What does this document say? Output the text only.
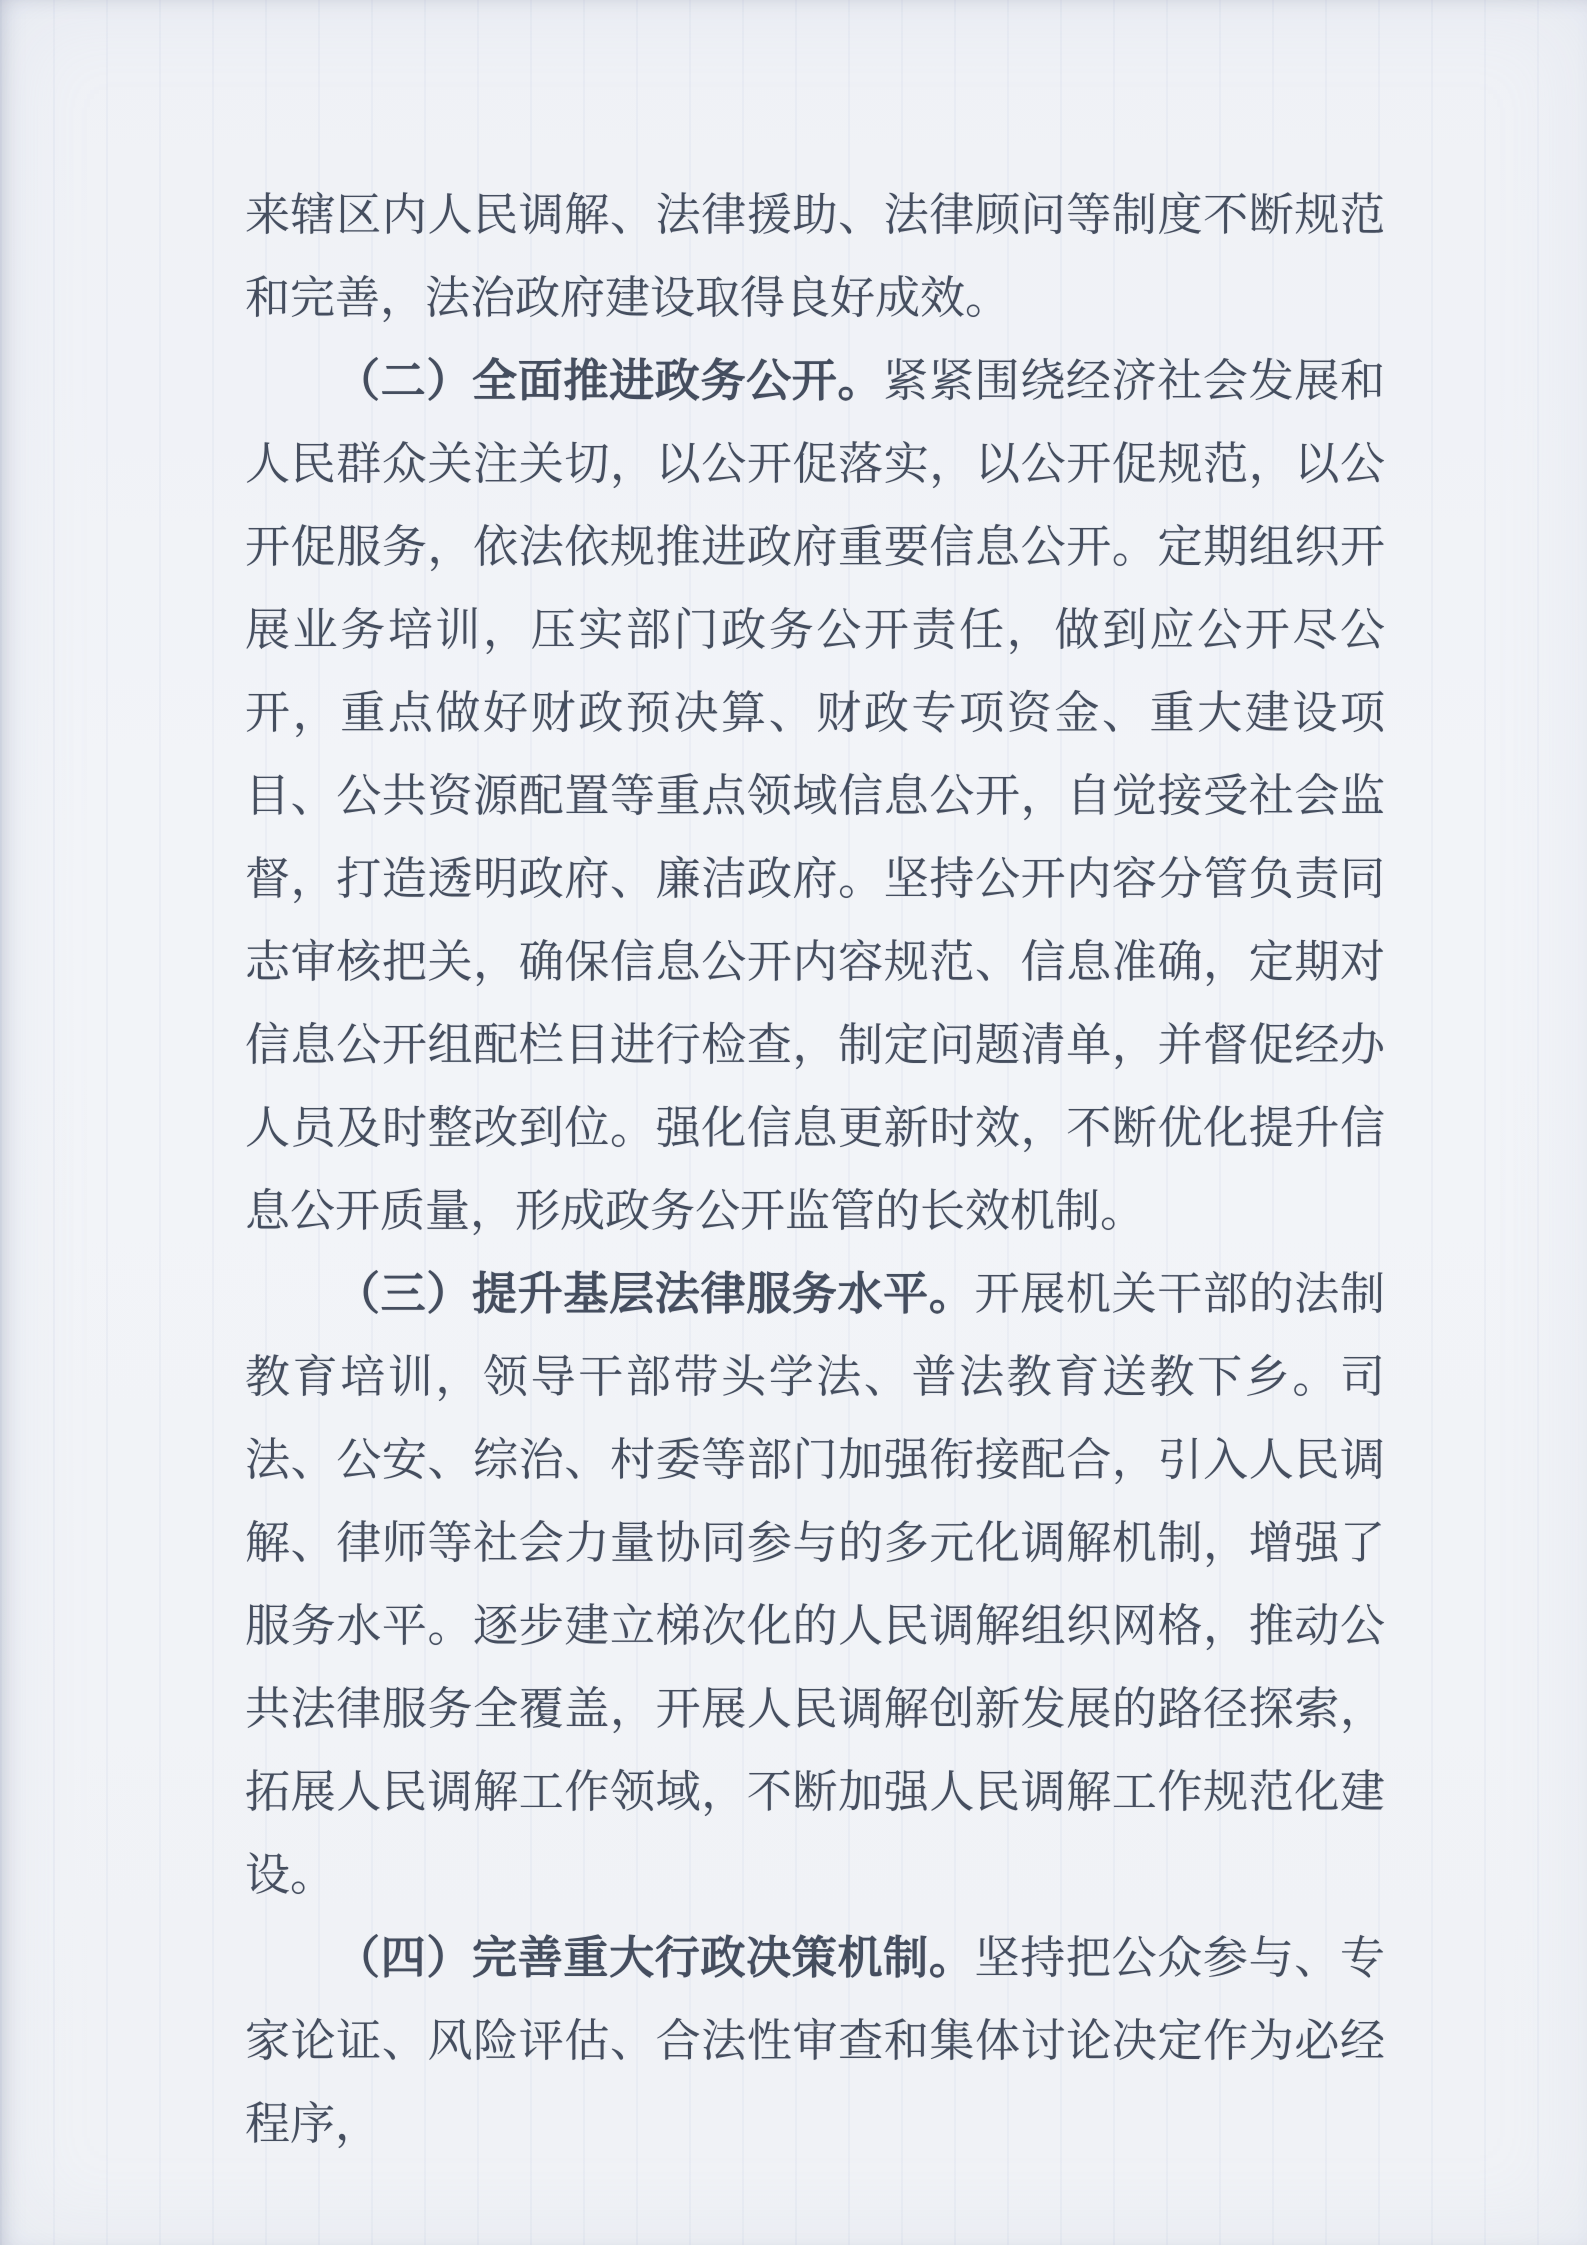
来辖区内人民调解、法律援助、法律顾问等制度不断规范和完善，法治政府建设取得良好成效。

（二）全面推进政务公开。紧紧围绕经济社会发展和人民群众关注关切，以公开促落实，以公开促规范，以公开促服务，依法依规推进政府重要信息公开。定期组织开展业务培训，压实部门政务公开责任，做到应公开尽公开，重点做好财政预决算、财政专项资金、重大建设项目、公共资源配置等重点领域信息公开，自觉接受社会监督，打造透明政府、廉洁政府。坚持公开内容分管负责同志审核把关，确保信息公开内容规范、信息准确，定期对信息公开组配栏目进行检查，制定问题清单，并督促经办人员及时整改到位。强化信息更新时效，不断优化提升信息公开质量，形成政务公开监管的长效机制。

（三）提升基层法律服务水平。开展机关干部的法制教育培训，领导干部带头学法、普法教育送教下乡。司法、公安、综治、村委等部门加强衔接配合，引入人民调解、律师等社会力量协同参与的多元化调解机制，增强了服务水平。逐步建立梯次化的人民调解组织网格，推动公共法律服务全覆盖，开展人民调解创新发展的路径探索，拓展人民调解工作领域，不断加强人民调解工作规范化建设。

（四）完善重大行政决策机制。坚持把公众参与、专家论证、风险评估、合法性审查和集体讨论决定作为必经程序，
